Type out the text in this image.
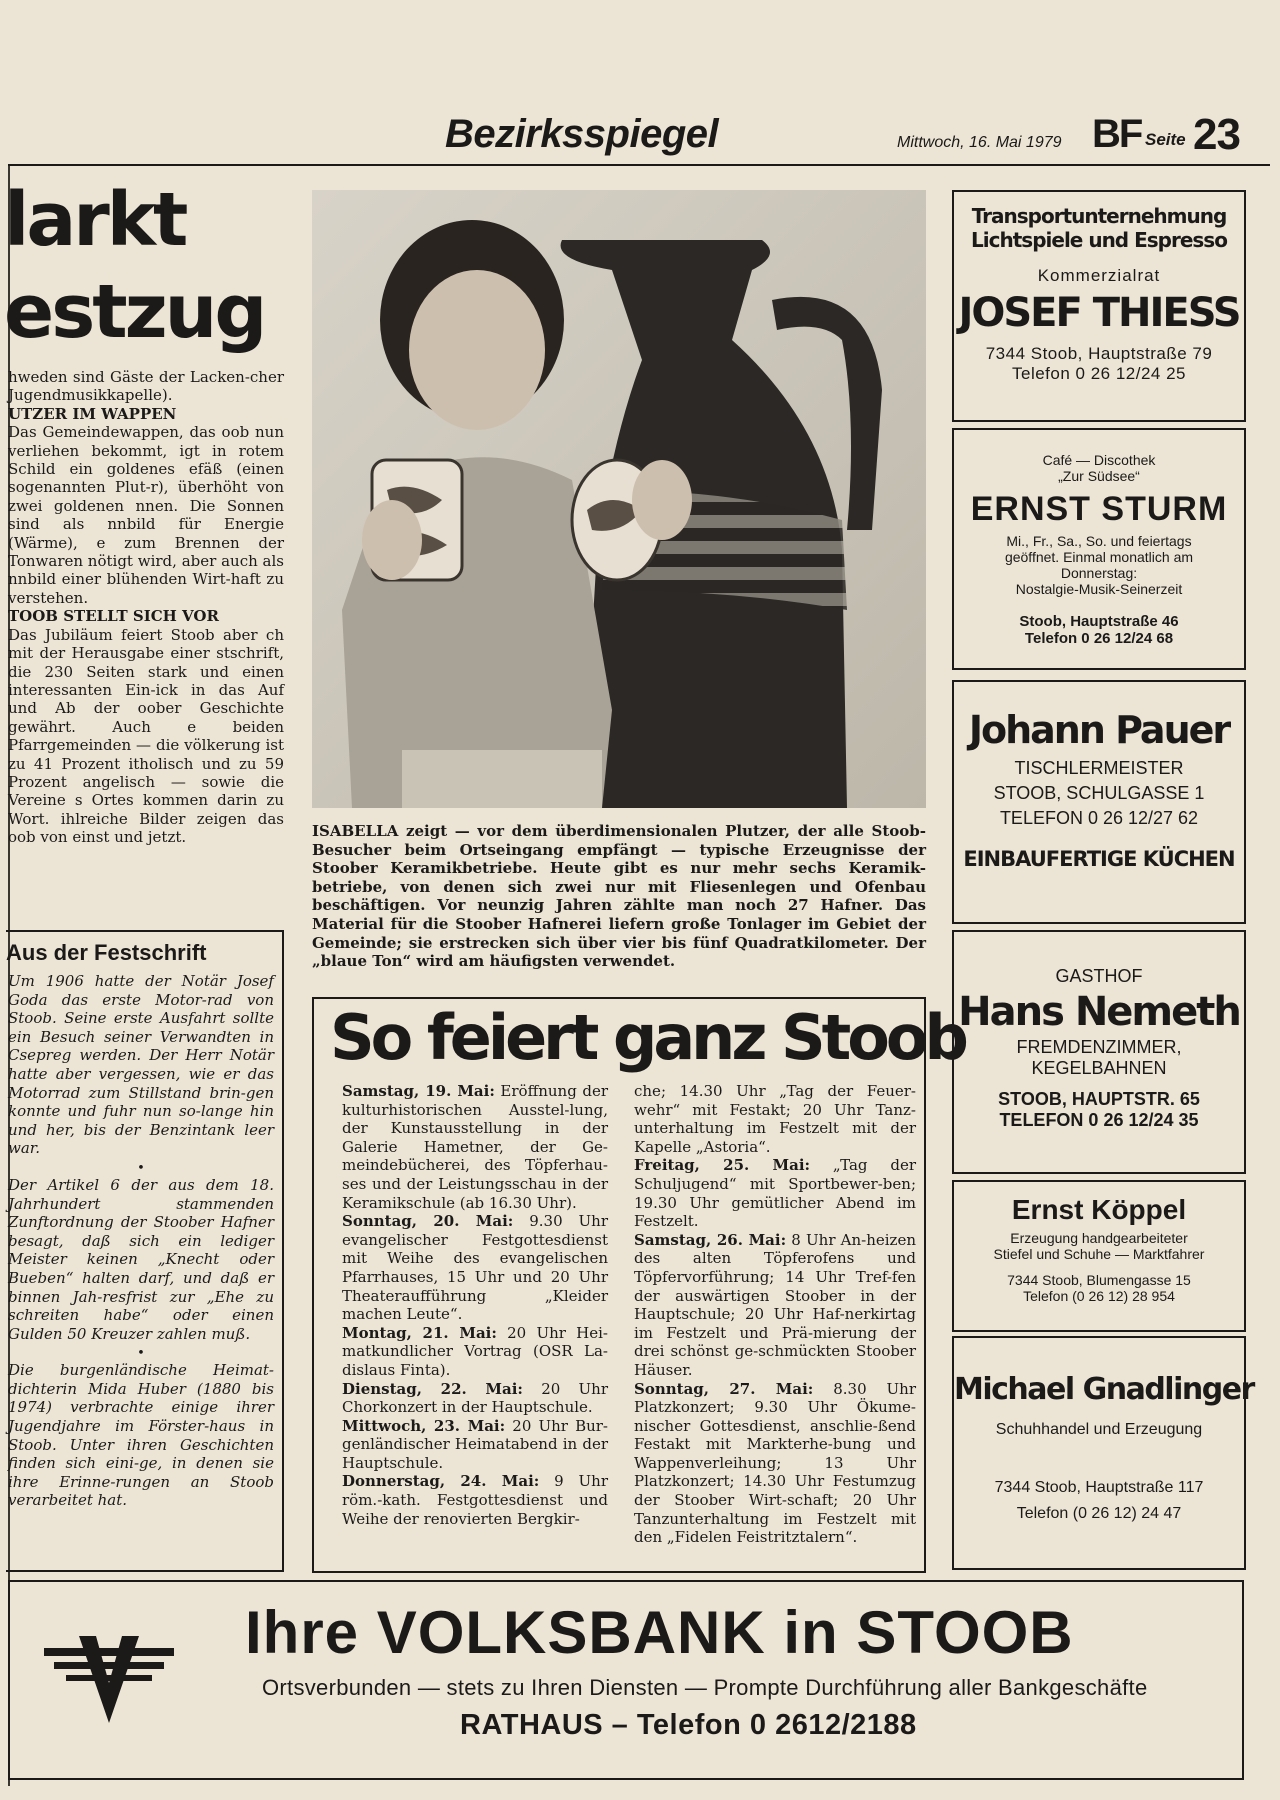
Bezirksspiegel	Mittwoch, 16. Mai 1979 BF Seite 23
larkt
estzug

hweden sind Gäste der Lacken-cher Jugendmusikkapelle).

UTZER IM WAPPEN

Das Gemeindewappen, das oob nun verliehen bekommt, igt in rotem Schild ein goldenes efäß (einen sogenannten Plut-r), überhöht von zwei goldenen nnen. Die Sonnen sind als nnbild für Energie (Wärme), e zum Brennen der Tonwaren nötigt wird, aber auch als nnbild einer blühenden Wirt-haft zu verstehen.

TOOB STELLT SICH VOR

Das Jubiläum feiert Stoob aber ch mit der Herausgabe einer stschrift, die 230 Seiten stark und einen interessanten Ein-ick in das Auf und Ab der oober Geschichte gewährt. Auch e beiden Pfarrgemeinden — die völkerung ist zu 41 Prozent itholisch und zu 59 Prozent angelisch — sowie die Vereine s Ortes kommen darin zu Wort. ihlreiche Bilder zeigen das oob von einst und jetzt.

Aus der Festschrift

Um 1906 hatte der Notär Josef Goda das erste Motor-rad von Stoob. Seine erste Ausfahrt sollte ein Besuch seiner Verwandten in Csepreg werden. Der Herr Notär hatte aber vergessen, wie er das Motorrad zum Stillstand brin-gen konnte und fuhr nun so-lange hin und her, bis der Benzintank leer war.

•

Der Artikel 6 der aus dem 18. Jahrhundert stammenden Zunftordnung der Stoober Hafner besagt, daß sich ein lediger Meister keinen „Knecht oder Bueben“ halten darf, und daß er binnen Jah-resfrist zur „Ehe zu schreiten habe“ oder einen Gulden 50 Kreuzer zahlen muß.

•

Die burgenländische Heimat-dichterin Mida Huber (1880 bis 1974) verbrachte einige ihrer Jugendjahre im Förster-haus in Stoob. Unter ihren Geschichten finden sich eini-ge, in denen sie ihre Erinne-rungen an Stoob verarbeitet hat.

ISABELLA zeigt — vor dem überdimensionalen Plutzer, der alle Stoob-Besucher beim Ortseingang empfängt — typische Erzeugnisse der Stoober Keramikbetriebe. Heute gibt es nur mehr sechs Keramik-betriebe, von denen sich zwei nur mit Fliesenlegen und Ofenbau beschäftigen. Vor neunzig Jahren zählte man noch 27 Hafner. Das Material für die Stoober Hafnerei liefern große Tonlager im Gebiet der Gemeinde; sie erstrecken sich über vier bis fünf Quadratkilometer. Der „blaue Ton“ wird am häufigsten verwendet.
So feiert ganz Stoob

Samstag, 19. Mai: Eröffnung der kulturhistorischen Ausstel-lung, der Kunstausstellung in der Galerie Hametner, der Ge-meindebücherei, des Töpferhau-ses und der Leistungsschau in der Keramikschule (ab 16.30 Uhr).

Sonntag, 20. Mai: 9.30 Uhr evangelischer Festgottesdienst mit Weihe des evangelischen Pfarrhauses, 15 Uhr und 20 Uhr Theateraufführung „Kleider machen Leute“.

Montag, 21. Mai: 20 Uhr Hei-matkundlicher Vortrag (OSR La-dislaus Finta).

Dienstag, 22. Mai: 20 Uhr Chorkonzert in der Hauptschule.

Mittwoch, 23. Mai: 20 Uhr Bur-genländischer Heimatabend in der Hauptschule.

Donnerstag, 24. Mai: 9 Uhr röm.-kath. Festgottesdienst und Weihe der renovierten Bergkir-

che; 14.30 Uhr „Tag der Feuer-wehr“ mit Festakt; 20 Uhr Tanz-unterhaltung im Festzelt mit der Kapelle „Astoria“.

Freitag, 25. Mai: „Tag der Schuljugend“ mit Sportbewer-ben; 19.30 Uhr gemütlicher Abend im Festzelt.

Samstag, 26. Mai: 8 Uhr An-heizen des alten Töpferofens und Töpfervorführung; 14 Uhr Tref-fen der auswärtigen Stoober in der Hauptschule; 20 Uhr Haf-nerkirtag im Festzelt und Prä-mierung der drei schönst ge-schmückten Stoober Häuser.

Sonntag, 27. Mai: 8.30 Uhr Platzkonzert; 9.30 Uhr Ökume-nischer Gottesdienst, anschlie-ßend Festakt mit Markterhe-bung und Wappenverleihung; 13 Uhr Platzkonzert; 14.30 Uhr Festumzug der Stoober Wirt-schaft; 20 Uhr Tanzunterhaltung im Festzelt mit den „Fidelen Feistritztalern“.

Transportunternehmung
Lichtspiele und Espresso
Kommerzialrat
JOSEF THIESS
7344 Stoob, Hauptstraße 79
Telefon 0 26 12/24 25
Café — Discothek
„Zur Südsee“
ERNST STURM
Mi., Fr., Sa., So. und feiertags
geöffnet. Einmal monatlich am
Donnerstag:
Nostalgie-Musik-Seinerzeit
Stoob, Hauptstraße 46
Telefon 0 26 12/24 68
Johann Pauer
TISCHLERMEISTER
STOOB, SCHULGASSE 1
TELEFON 0 26 12/27 62
EINBAUFERTIGE KÜCHEN
GASTHOF
Hans Nemeth
FREMDENZIMMER,
KEGELBAHNEN
STOOB, HAUPTSTR. 65
TELEFON 0 26 12/24 35
Ernst Köppel
Erzeugung handgearbeiteter
Stiefel und Schuhe — Marktfahrer
7344 Stoob, Blumengasse 15
Telefon (0 26 12) 28 954
Michael Gnadlinger
Schuhhandel und Erzeugung
7344 Stoob, Hauptstraße 117
Telefon (0 26 12) 24 47
Ihre VOLKSBANK in STOOB
Ortsverbunden — stets zu Ihren Diensten — Prompte Durchführung aller Bankgeschäfte
RATHAUS – Telefon 0 2612/2188
